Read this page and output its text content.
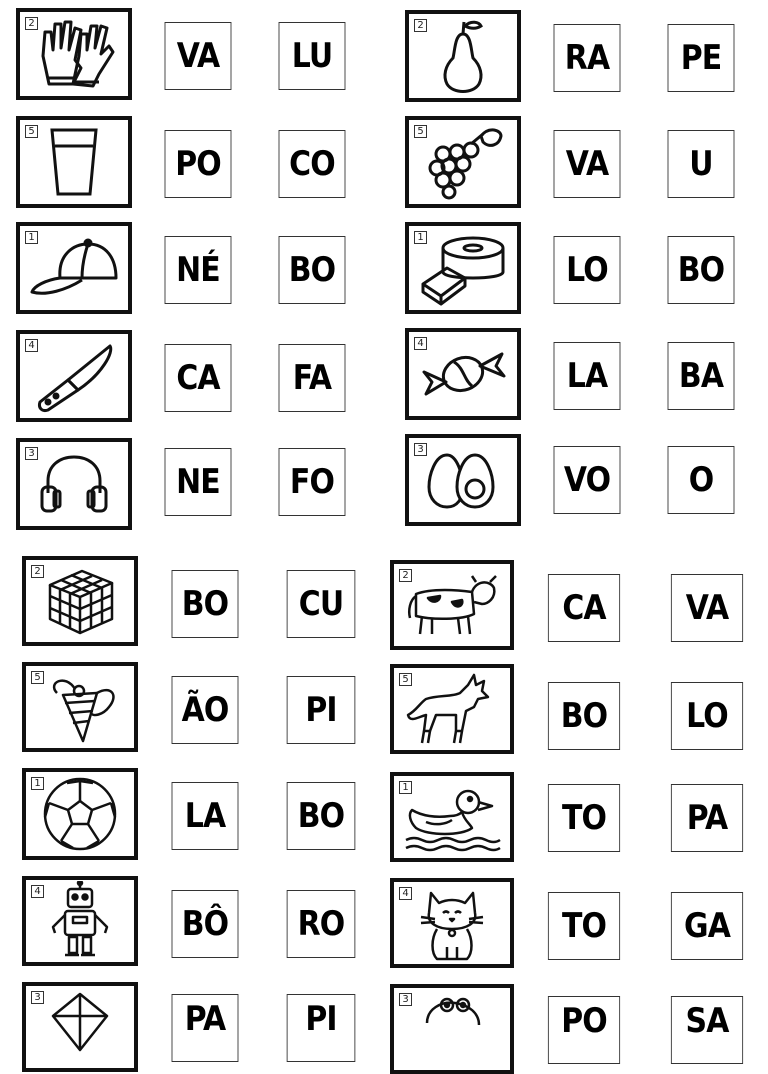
2
VA	LU
2
RA	PE
5
PO	CO
5
VA	U
1
NÉ	BO
1
LO	BO
4
CA	FA
4
LA	BA
3
NE	FO
3
VO	O
2
BO	CU
2
CA	VA
5
ÃO	PI
5
BO	LO
1
LA	BO
1
TO	PA
4
BÔ	RO
4
TO	GA
3
PA	PI	3
PO	SA
